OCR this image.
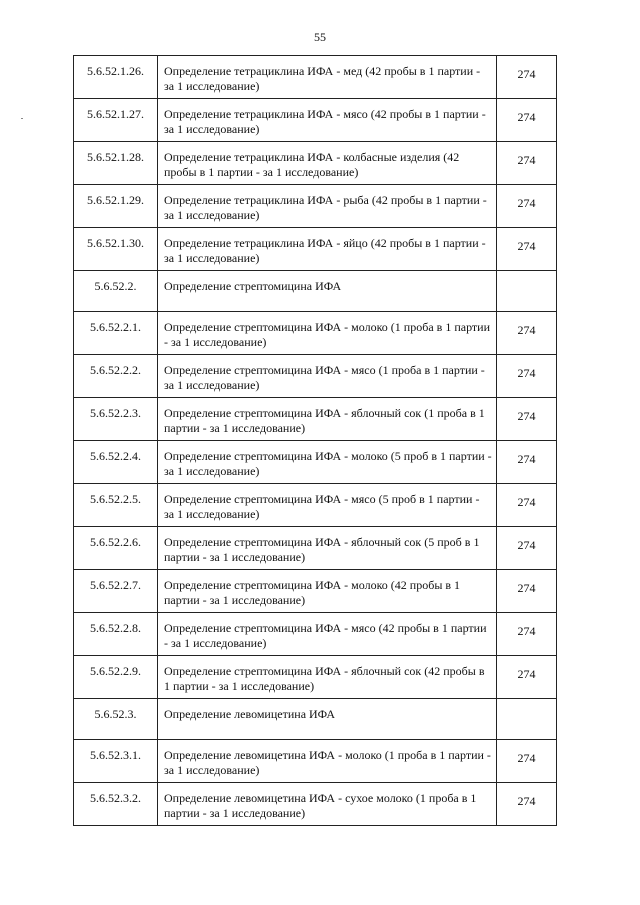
55
5.6.52.1.26.	Определение тетрациклина ИФА - мед (42 пробы в 1 партии - за 1 исследование)	274
5.6.52.1.27.	Определение тетрациклина ИФА - мясо (42 пробы в 1 партии - за 1 исследование)	274
5.6.52.1.28.	Определение тетрациклина ИФА - колбасные изделия (42 пробы в 1 партии - за 1 исследование)	274
5.6.52.1.29.	Определение тетрациклина ИФА - рыба (42 пробы в 1 партии - за 1 исследование)	274
5.6.52.1.30.	Определение тетрациклина ИФА - яйцо (42 пробы в 1 партии - за 1 исследование)	274
5.6.52.2.	Определение стрептомицина ИФА	
5.6.52.2.1.	Определение стрептомицина ИФА - молоко (1 проба в 1 партии - за 1 исследование)	274
5.6.52.2.2.	Определение стрептомицина ИФА - мясо (1 проба в 1 партии - за 1 исследование)	274
5.6.52.2.3.	Определение стрептомицина ИФА - яблочный сок (1 проба в 1 партии - за 1 исследование)	274
5.6.52.2.4.	Определение стрептомицина ИФА - молоко (5 проб в 1 партии - за 1 исследование)	274
5.6.52.2.5.	Определение стрептомицина ИФА - мясо (5 проб в 1 партии - за 1 исследование)	274
5.6.52.2.6.	Определение стрептомицина ИФА - яблочный сок (5 проб в 1 партии - за 1 исследование)	274
5.6.52.2.7.	Определение стрептомицина ИФА - молоко (42 пробы в 1 партии - за 1 исследование)	274
5.6.52.2.8.	Определение стрептомицина ИФА - мясо (42 пробы в 1 партии - за 1 исследование)	274
5.6.52.2.9.	Определение стрептомицина ИФА - яблочный сок (42 пробы в 1 партии - за 1 исследование)	274
5.6.52.3.	Определение левомицетина ИФА	
5.6.52.3.1.	Определение левомицетина ИФА - молоко (1 проба в 1 партии - за 1 исследование)	274
5.6.52.3.2.	Определение левомицетина ИФА - сухое молоко (1 проба в 1 партии - за 1 исследование)	274
